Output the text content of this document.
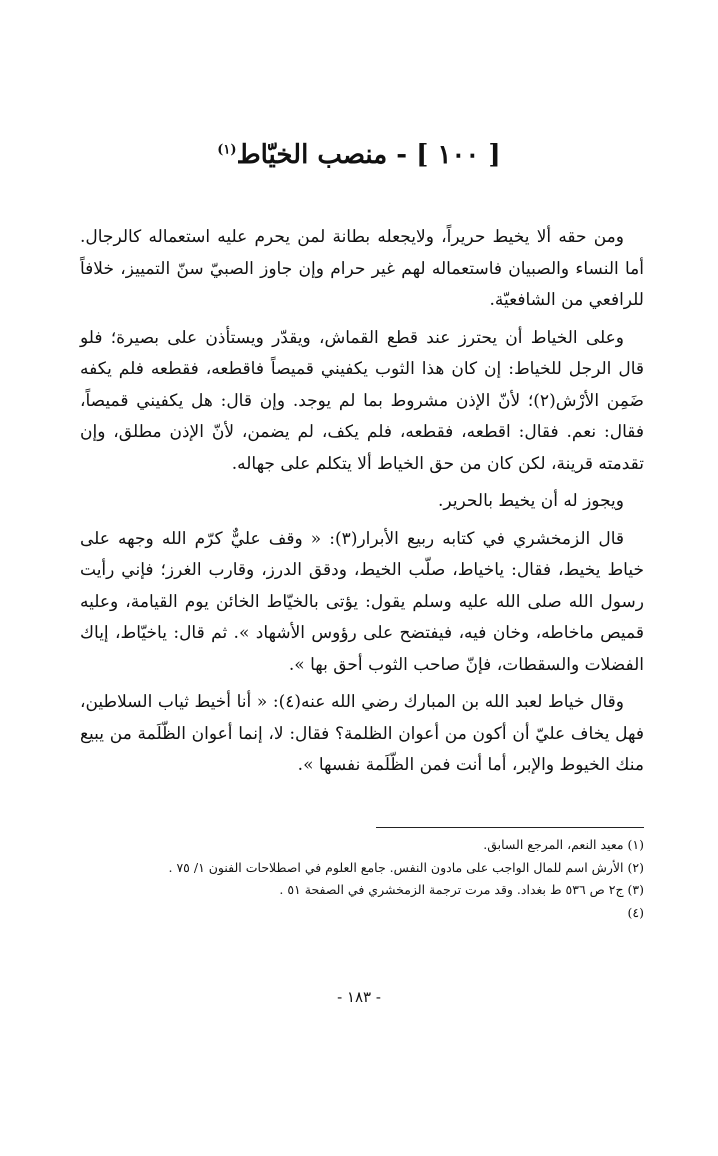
[ ١٠٠ ] - منصب الخيّاط$^{(١)}$

ومن حقه ألا يخيط حريراً، ولايجعله بطانة لمن يحرم عليه استعماله كالرجال. أما النساء والصبيان فاستعماله لهم غير حرام وإن جاوز الصبيّ سنّ التمييز، خلافاً للرافعي من الشافعيّة.

وعلى الخياط أن يحترز عند قطع القماش، ويقدّر ويستأذن على بصيرة؛ فلو قال الرجل للخياط: إن كان هذا الثوب يكفيني قميصاً فاقطعه، فقطعه فلم يكفه ضَمِن الأرْش(٢)؛ لأنّ الإذن مشروط بما لم يوجد. وإن قال: هل يكفيني قميصاً، فقال: نعم. فقال: اقطعه، فقطعه، فلم يكف، لم يضمن، لأنّ الإذن مطلق، وإن تقدمته قرينة، لكن كان من حق الخياط ألا يتكلم على جهاله.

ويجوز له أن يخيط بالحرير.

قال الزمخشري في كتابه ربيع الأبرار(٣): « وقف عليٌّ كرّم الله وجهه على خياط يخيط، فقال: ياخياط، صلّب الخيط، ودقق الدرز، وقارب الغرز؛ فإني رأيت رسول الله صلى الله عليه وسلم يقول: يؤتى بالخيّاط الخائن يوم القيامة، وعليه قميص ماخاطه، وخان فيه، فيفتضح على رؤوس الأشهاد ». ثم قال: ياخيّاط، إياك الفضلات والسقطات، فإنّ صاحب الثوب أحق بها ».

وقال خياط لعبد الله بن المبارك رضي الله عنه(٤): « أنا أخيط ثياب السلاطين، فهل يخاف عليّ أن أكون من أعوان الظلمة؟ فقال: لا، إنما أعوان الظّلَمة من يبيع منك الخيوط والإبر، أما أنت فمن الظّلَمة نفسها ».

(١) معيد النعم، المرجع السابق.
(٢) الأرش اسم للمال الواجب على مادون النفس. جامع العلوم في اصطلاحات الفنون ١/ ٧٥ .
(٣) ج٢ ص ٥٣٦ ط بغداد. وقد مرت ترجمة الزمخشري في الصفحة ٥١ .
(٤)
- ١٨٣ -
